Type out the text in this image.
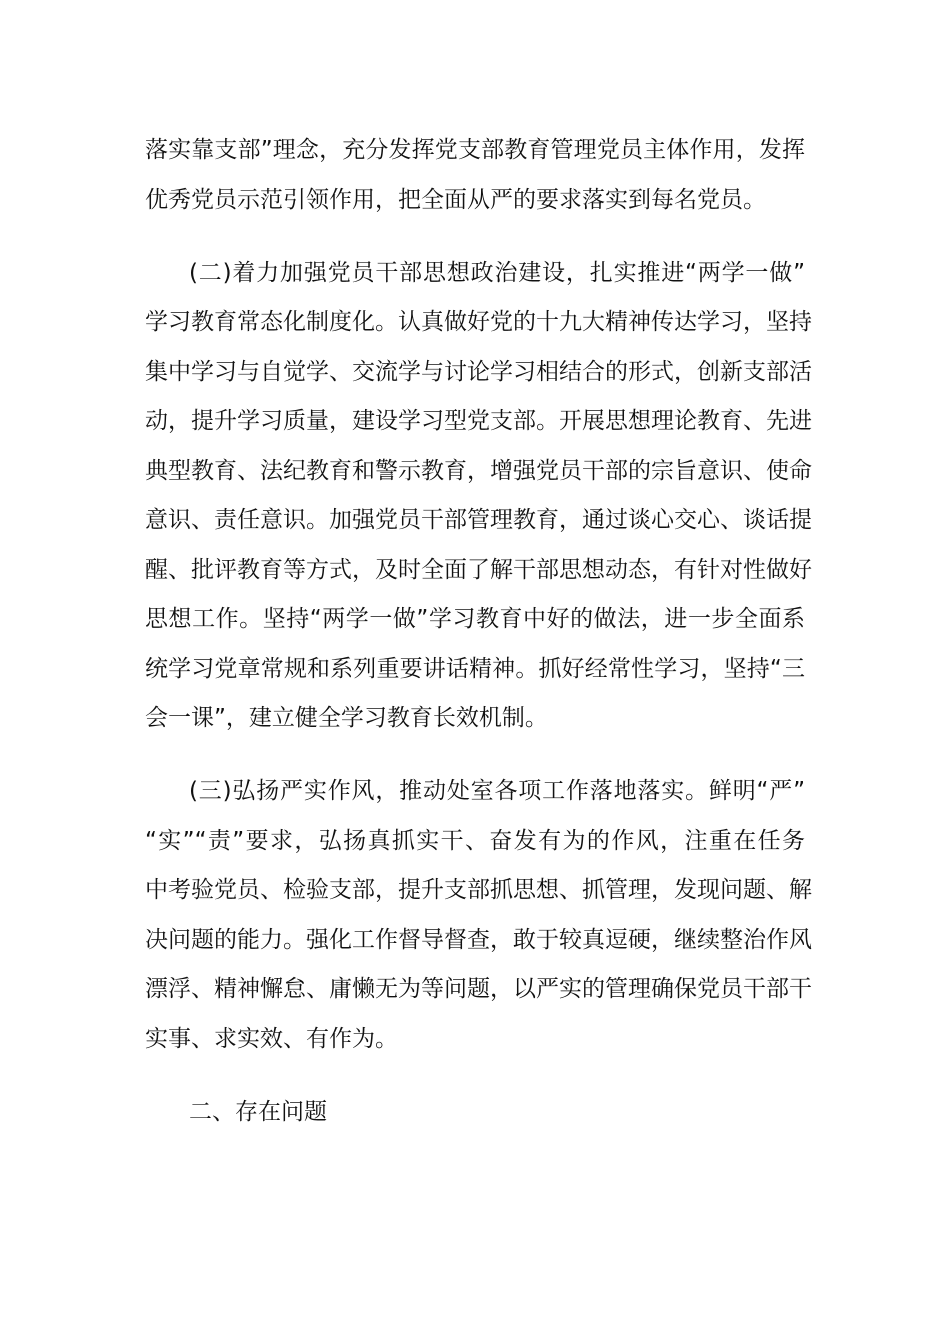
落实靠支部”理念，充分发挥党支部教育管理党员主体作用，发挥
优秀党员示范引领作用，把全面从严的要求落实到每名党员。
(二)着力加强党员干部思想政治建设，扎实推进“两学一做”
学习教育常态化制度化。认真做好党的十九大精神传达学习，坚持
集中学习与自觉学、交流学与讨论学习相结合的形式，创新支部活
动，提升学习质量，建设学习型党支部。开展思想理论教育、先进
典型教育、法纪教育和警示教育，增强党员干部的宗旨意识、使命
意识、责任意识。加强党员干部管理教育，通过谈心交心、谈话提
醒、批评教育等方式，及时全面了解干部思想动态，有针对性做好
思想工作。坚持“两学一做”学习教育中好的做法，进一步全面系
统学习党章常规和系列重要讲话精神。抓好经常性学习，坚持“三
会一课”，建立健全学习教育长效机制。
(三)弘扬严实作风，推动处室各项工作落地落实。鲜明“严”
“实”“责”要求，弘扬真抓实干、奋发有为的作风，注重在任务
中考验党员、检验支部，提升支部抓思想、抓管理，发现问题、解
决问题的能力。强化工作督导督查，敢于较真逗硬，继续整治作风
漂浮、精神懈怠、庸懒无为等问题，以严实的管理确保党员干部干
实事、求实效、有作为。
二、存在问题
